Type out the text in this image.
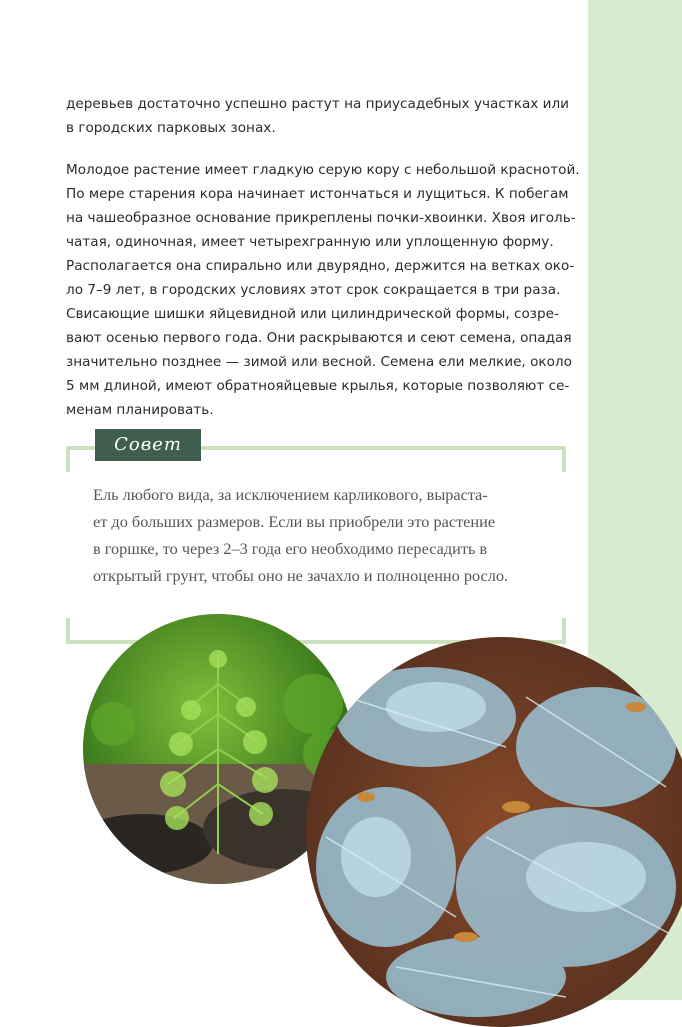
деревьев достаточно успешно растут на приусадебных участках или
в городских парковых зонах.

Молодое растение имеет гладкую серую кору с небольшой краснотой.
По мере старения кора начинает истончаться и лущиться. К побегам
на чашеобразное основание прикреплены почки-хвоинки. Хвоя иголь-
чатая, одиночная, имеет четырехгранную или уплощенную форму.
Располагается она спирально или двурядно, держится на ветках око-
ло 7–9 лет, в городских условиях этот срок сокращается в три раза.
Свисающие шишки яйцевидной или цилиндрической формы, созре-
вают осенью первого года. Они раскрываются и сеют семена, опадая
значительно позднее — зимой или весной. Семена ели мелкие, около
5 мм длиной, имеют обратнояйцевые крылья, которые позволяют се-
менам планировать.

Совет

Ель любого вида, за исключением карликового, вырастa-
ет до больших размеров. Если вы приобрели это растение
в горшке, то через 2–3 года его необходимо пересадить в
открытый грунт, чтобы оно не зачахло и полноценно росло.
